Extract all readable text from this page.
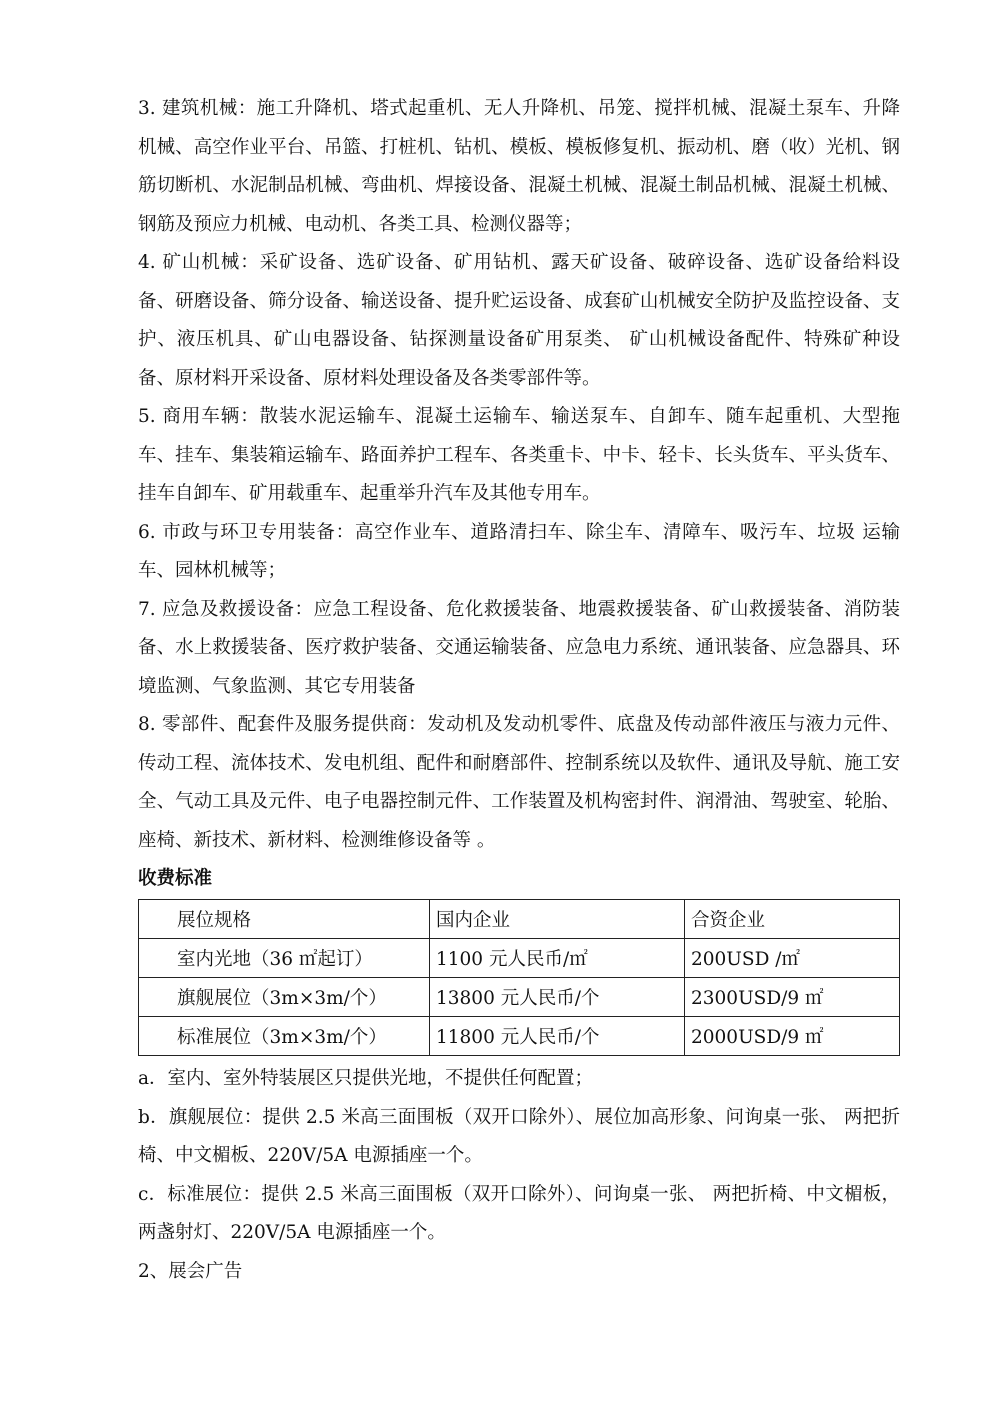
3. 建筑机械：施工升降机、塔式起重机、无人升降机、吊笼、搅拌机械、混凝土泵车、升降机械、高空作业平台、吊篮、打桩机、钻机、模板、模板修复机、振动机、磨（收）光机、钢筋切断机、水泥制品机械、弯曲机、焊接设备、混凝土机械、混凝土制品机械、混凝土机械、钢筋及预应力机械、电动机、各类工具、检测仪器等；

4. 矿山机械：采矿设备、选矿设备、矿用钻机、露天矿设备、破碎设备、选矿设备给料设备、研磨设备、筛分设备、输送设备、提升贮运设备、成套矿山机械安全防护及监控设备、支护、液压机具、矿山电器设备、钻探测量设备矿用泵类、 矿山机械设备配件、特殊矿种设备、原材料开采设备、原材料处理设备及各类零部件等。

5. 商用车辆：散装水泥运输车、混凝土运输车、输送泵车、自卸车、随车起重机、大型拖车、挂车、集装箱运输车、路面养护工程车、各类重卡、中卡、轻卡、长头货车、平头货车、挂车自卸车、矿用载重车、起重举升汽车及其他专用车。

6. 市政与环卫专用装备：高空作业车、道路清扫车、除尘车、清障车、吸污车、垃圾 运输车、园林机械等；

7. 应急及救援设备：应急工程设备、危化救援装备、地震救援装备、矿山救援装备、消防装备、水上救援装备、医疗救护装备、交通运输装备、应急电力系统、通讯装备、应急器具、环境监测、气象监测、其它专用装备

8. 零部件、配套件及服务提供商：发动机及发动机零件、底盘及传动部件液压与液力元件、传动工程、流体技术、发电机组、配件和耐磨部件、控制系统以及软件、通讯及导航、施工安全、气动工具及元件、电子电器控制元件、工作装置及机构密封件、润滑油、驾驶室、轮胎、座椅、新技术、新材料、检测维修设备等 。

收费标准

展位规格	国内企业	合资企业
室内光地（36 ㎡起订）	1100 元人民币/㎡	200USD /㎡
旗舰展位（3m×3m/个）	13800 元人民币/个	2300USD/9 ㎡
标准展位（3m×3m/个）	11800 元人民币/个	2000USD/9 ㎡

a．室内、室外特装展区只提供光地，不提供任何配置；

b．旗舰展位：提供 2.5 米高三面围板（双开口除外）、展位加高形象、问询桌一张、 两把折椅、中文楣板、220V/5A 电源插座一个。

c．标准展位：提供 2.5 米高三面围板（双开口除外）、问询桌一张、 两把折椅、中文楣板，两盏射灯、220V/5A 电源插座一个。

2、展会广告
